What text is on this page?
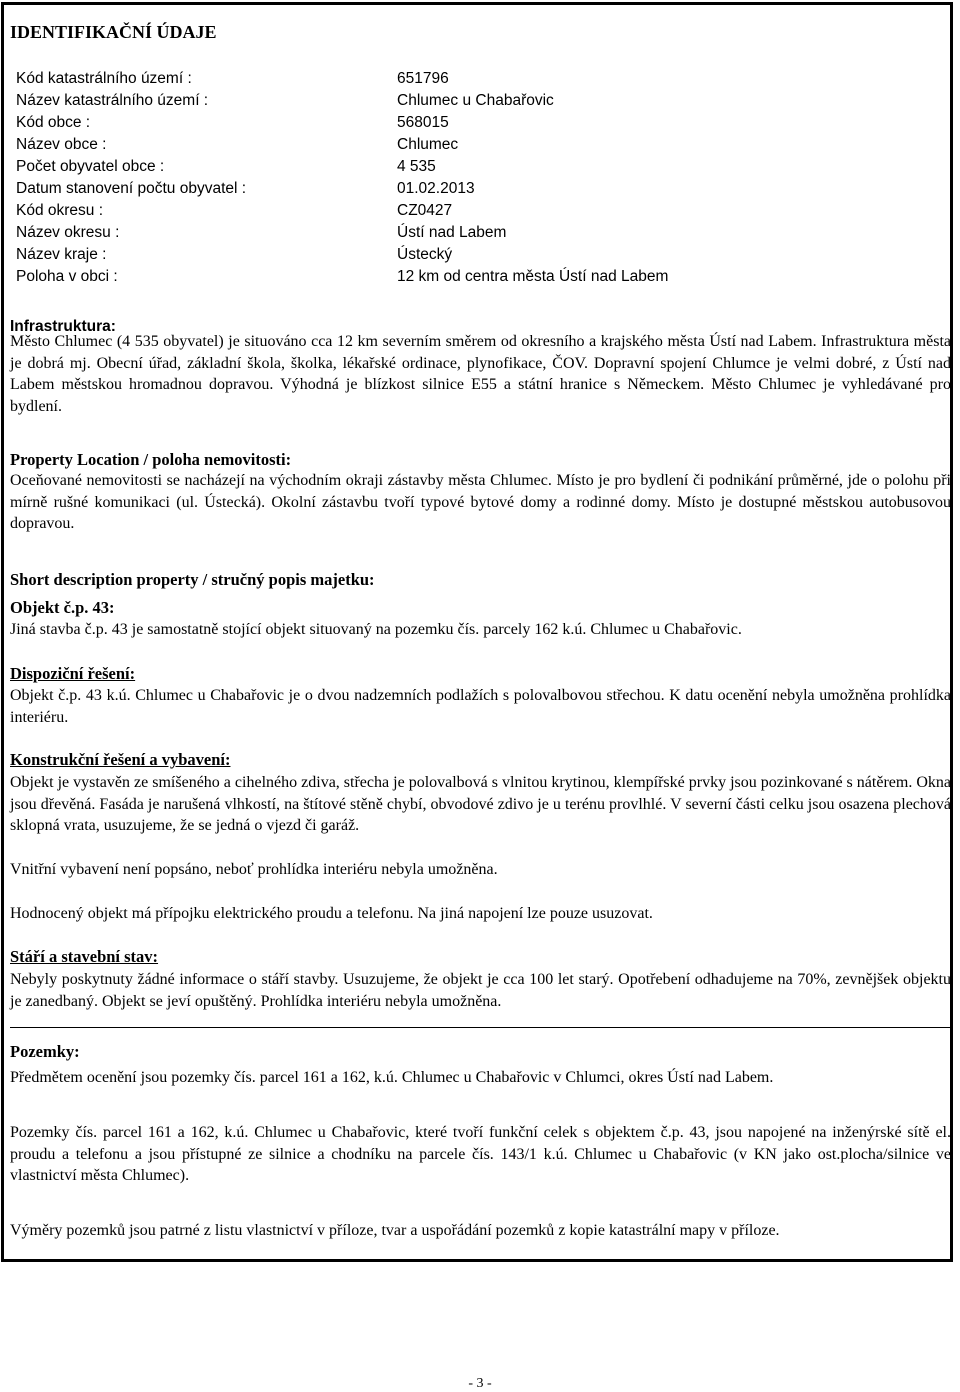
IDENTIFIKAČNÍ ÚDAJE
Kód katastrálního území :	651796
Název katastrálního území :	Chlumec u Chabařovic
Kód obce :	568015
Název obce :	Chlumec
Počet obyvatel obce :	4 535
Datum stanovení počtu obyvatel :	01.02.2013
Kód okresu :	CZ0427
Název okresu :	Ústí nad Labem
Název kraje :	Ústecký
Poloha v obci :	12 km od centra města Ústí nad Labem
Infrastruktura:
Město Chlumec (4 535 obyvatel) je situováno cca 12 km severním směrem od okresního a krajského města Ústí nad Labem. Infrastruktura města je dobrá mj. Obecní úřad, základní škola, školka, lékařské ordinace, plynofikace, ČOV. Dopravní spojení Chlumce je velmi dobré, z Ústí nad Labem městskou hromadnou dopravou. Výhodná je blízkost silnice E55 a státní hranice s Německem. Město Chlumec je vyhledávané pro bydlení.
Property Location / poloha nemovitosti:
Oceňované nemovitosti se nacházejí na východním okraji zástavby města Chlumec. Místo je pro bydlení či podnikání průměrné, jde o polohu při mírně rušné komunikaci (ul. Ústecká). Okolní zástavbu tvoří typové bytové domy a rodinné domy. Místo je dostupné městskou autobusovou dopravou.
Short description property / stručný popis majetku:
Objekt č.p. 43:
Jiná stavba č.p. 43 je samostatně stojící objekt situovaný na pozemku čís. parcely 162 k.ú. Chlumec u Chabařovic.
Dispoziční řešení:
Objekt č.p. 43 k.ú. Chlumec u Chabařovic je o dvou nadzemních podlažích s polovalbovou střechou. K datu ocenění nebyla umožněna prohlídka interiéru.
Konstrukční řešení a vybavení:
Objekt je vystavěn ze smíšeného a cihelného zdiva, střecha je polovalbová s vlnitou krytinou, klempířské prvky jsou pozinkované s nátěrem. Okna jsou dřevěná. Fasáda je narušená vlhkostí, na štítové stěně chybí, obvodové zdivo je u terénu provlhlé. V severní části celku jsou osazena plechová sklopná vrata, usuzujeme, že se jedná o vjezd či garáž.
Vnitřní vybavení není popsáno, neboť prohlídka interiéru nebyla umožněna.
Hodnocený objekt má přípojku elektrického proudu a telefonu. Na jiná napojení lze pouze usuzovat.
Stáří a stavební stav:
Nebyly poskytnuty žádné informace o stáří stavby. Usuzujeme, že objekt je cca 100 let starý. Opotřebení odhadujeme na 70%, zevnějšek objektu je zanedbaný. Objekt se jeví opuštěný. Prohlídka interiéru nebyla umožněna.
Pozemky:
Předmětem ocenění jsou pozemky čís. parcel 161 a 162, k.ú. Chlumec u Chabařovic v Chlumci, okres Ústí nad Labem.
Pozemky čís. parcel 161 a 162, k.ú. Chlumec u Chabařovic, které tvoří funkční celek s objektem č.p. 43, jsou napojené na inženýrské sítě el. proudu a telefonu a jsou přístupné ze silnice a chodníku na parcele čís. 143/1 k.ú. Chlumec u Chabařovic (v KN jako ost.plocha/silnice ve vlastnictví města Chlumec).
Výměry pozemků jsou patrné z listu vlastnictví v příloze, tvar a uspořádání pozemků z kopie katastrální mapy v příloze.
- 3 -
